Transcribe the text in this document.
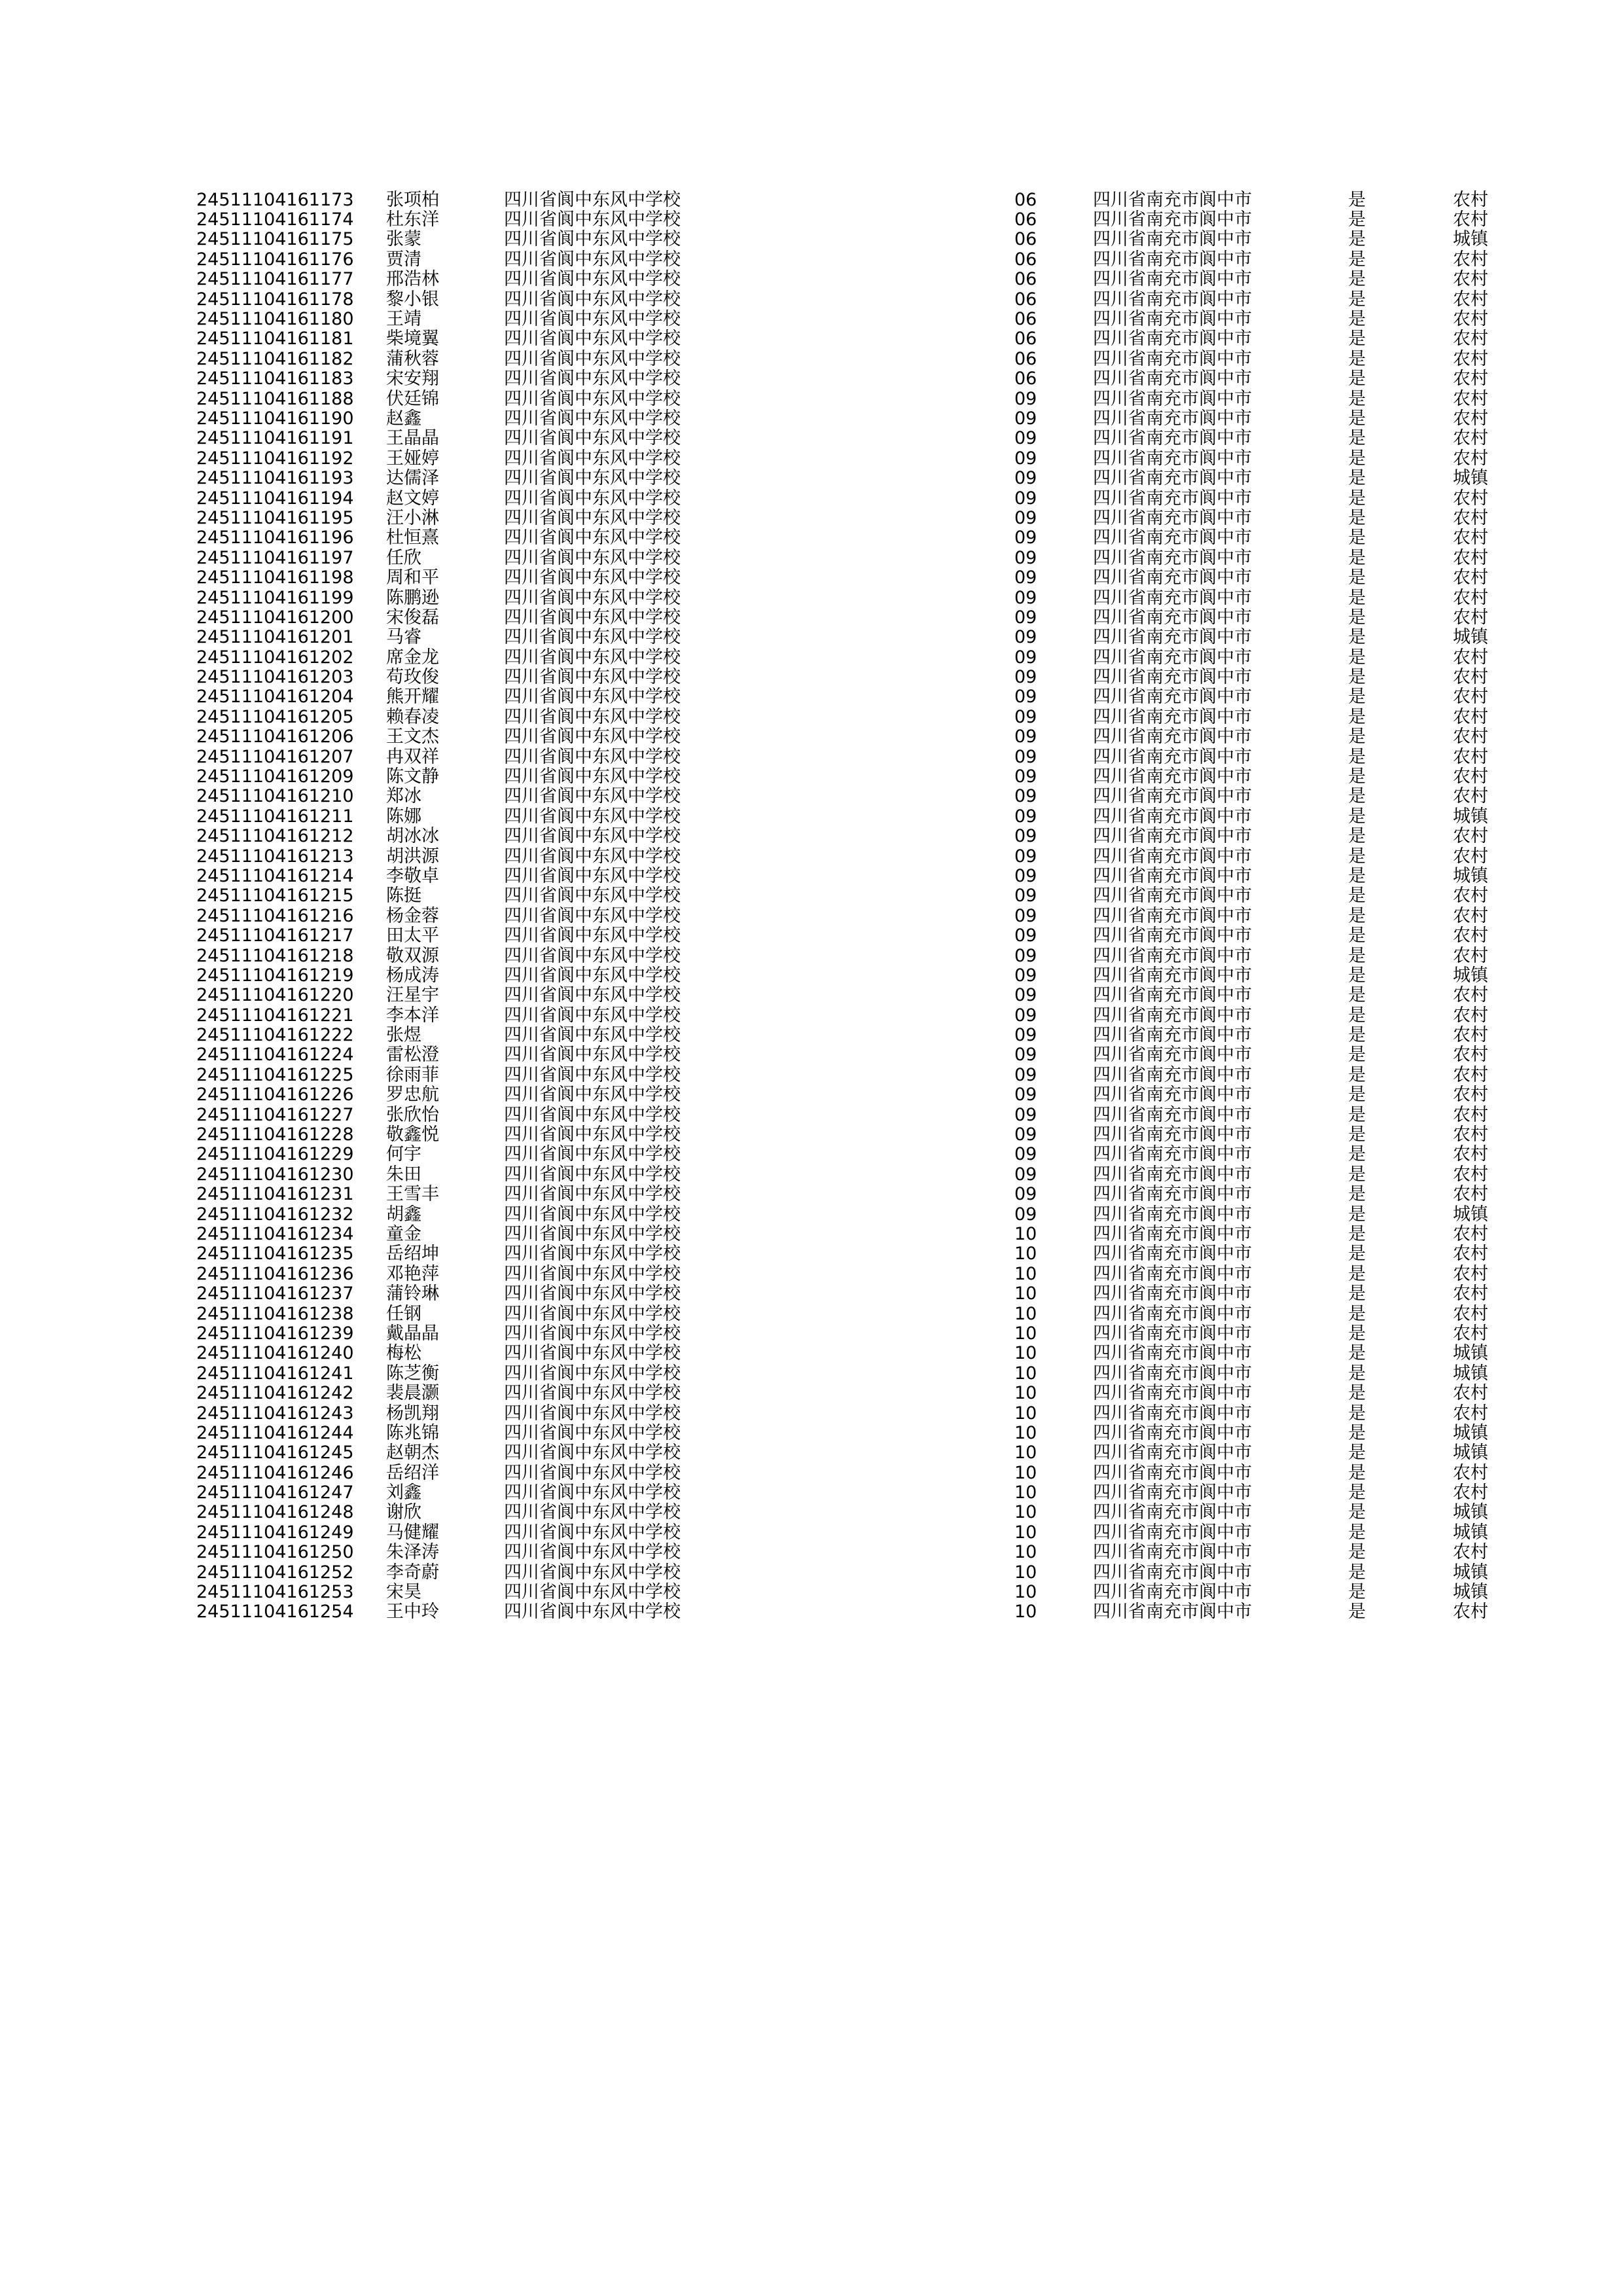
24511104161173	张项柏	四川省阆中东风中学校	06	四川省南充市阆中市	是	农村
24511104161174	杜东洋	四川省阆中东风中学校	06	四川省南充市阆中市	是	农村
24511104161175	张蒙	四川省阆中东风中学校	06	四川省南充市阆中市	是	城镇
24511104161176	贾清	四川省阆中东风中学校	06	四川省南充市阆中市	是	农村
24511104161177	邢浩林	四川省阆中东风中学校	06	四川省南充市阆中市	是	农村
24511104161178	黎小银	四川省阆中东风中学校	06	四川省南充市阆中市	是	农村
24511104161180	王靖	四川省阆中东风中学校	06	四川省南充市阆中市	是	农村
24511104161181	柴境翼	四川省阆中东风中学校	06	四川省南充市阆中市	是	农村
24511104161182	蒲秋蓉	四川省阆中东风中学校	06	四川省南充市阆中市	是	农村
24511104161183	宋安翔	四川省阆中东风中学校	06	四川省南充市阆中市	是	农村
24511104161188	伏廷锦	四川省阆中东风中学校	09	四川省南充市阆中市	是	农村
24511104161190	赵鑫	四川省阆中东风中学校	09	四川省南充市阆中市	是	农村
24511104161191	王晶晶	四川省阆中东风中学校	09	四川省南充市阆中市	是	农村
24511104161192	王娅婷	四川省阆中东风中学校	09	四川省南充市阆中市	是	农村
24511104161193	达儒泽	四川省阆中东风中学校	09	四川省南充市阆中市	是	城镇
24511104161194	赵文婷	四川省阆中东风中学校	09	四川省南充市阆中市	是	农村
24511104161195	汪小淋	四川省阆中东风中学校	09	四川省南充市阆中市	是	农村
24511104161196	杜恒熹	四川省阆中东风中学校	09	四川省南充市阆中市	是	农村
24511104161197	任欣	四川省阆中东风中学校	09	四川省南充市阆中市	是	农村
24511104161198	周和平	四川省阆中东风中学校	09	四川省南充市阆中市	是	农村
24511104161199	陈鹏逊	四川省阆中东风中学校	09	四川省南充市阆中市	是	农村
24511104161200	宋俊磊	四川省阆中东风中学校	09	四川省南充市阆中市	是	农村
24511104161201	马睿	四川省阆中东风中学校	09	四川省南充市阆中市	是	城镇
24511104161202	席金龙	四川省阆中东风中学校	09	四川省南充市阆中市	是	农村
24511104161203	苟玫俊	四川省阆中东风中学校	09	四川省南充市阆中市	是	农村
24511104161204	熊开耀	四川省阆中东风中学校	09	四川省南充市阆中市	是	农村
24511104161205	赖春凌	四川省阆中东风中学校	09	四川省南充市阆中市	是	农村
24511104161206	王文杰	四川省阆中东风中学校	09	四川省南充市阆中市	是	农村
24511104161207	冉双祥	四川省阆中东风中学校	09	四川省南充市阆中市	是	农村
24511104161209	陈文静	四川省阆中东风中学校	09	四川省南充市阆中市	是	农村
24511104161210	郑冰	四川省阆中东风中学校	09	四川省南充市阆中市	是	农村
24511104161211	陈娜	四川省阆中东风中学校	09	四川省南充市阆中市	是	城镇
24511104161212	胡冰冰	四川省阆中东风中学校	09	四川省南充市阆中市	是	农村
24511104161213	胡洪源	四川省阆中东风中学校	09	四川省南充市阆中市	是	农村
24511104161214	李敬卓	四川省阆中东风中学校	09	四川省南充市阆中市	是	城镇
24511104161215	陈挺	四川省阆中东风中学校	09	四川省南充市阆中市	是	农村
24511104161216	杨金蓉	四川省阆中东风中学校	09	四川省南充市阆中市	是	农村
24511104161217	田太平	四川省阆中东风中学校	09	四川省南充市阆中市	是	农村
24511104161218	敬双源	四川省阆中东风中学校	09	四川省南充市阆中市	是	农村
24511104161219	杨成涛	四川省阆中东风中学校	09	四川省南充市阆中市	是	城镇
24511104161220	汪星宇	四川省阆中东风中学校	09	四川省南充市阆中市	是	农村
24511104161221	李本洋	四川省阆中东风中学校	09	四川省南充市阆中市	是	农村
24511104161222	张煜	四川省阆中东风中学校	09	四川省南充市阆中市	是	农村
24511104161224	雷松澄	四川省阆中东风中学校	09	四川省南充市阆中市	是	农村
24511104161225	徐雨菲	四川省阆中东风中学校	09	四川省南充市阆中市	是	农村
24511104161226	罗忠航	四川省阆中东风中学校	09	四川省南充市阆中市	是	农村
24511104161227	张欣怡	四川省阆中东风中学校	09	四川省南充市阆中市	是	农村
24511104161228	敬鑫悦	四川省阆中东风中学校	09	四川省南充市阆中市	是	农村
24511104161229	何宇	四川省阆中东风中学校	09	四川省南充市阆中市	是	农村
24511104161230	朱田	四川省阆中东风中学校	09	四川省南充市阆中市	是	农村
24511104161231	王雪丰	四川省阆中东风中学校	09	四川省南充市阆中市	是	农村
24511104161232	胡鑫	四川省阆中东风中学校	09	四川省南充市阆中市	是	城镇
24511104161234	童金	四川省阆中东风中学校	10	四川省南充市阆中市	是	农村
24511104161235	岳绍坤	四川省阆中东风中学校	10	四川省南充市阆中市	是	农村
24511104161236	邓艳萍	四川省阆中东风中学校	10	四川省南充市阆中市	是	农村
24511104161237	蒲铃琳	四川省阆中东风中学校	10	四川省南充市阆中市	是	农村
24511104161238	任钢	四川省阆中东风中学校	10	四川省南充市阆中市	是	农村
24511104161239	戴晶晶	四川省阆中东风中学校	10	四川省南充市阆中市	是	农村
24511104161240	梅松	四川省阆中东风中学校	10	四川省南充市阆中市	是	城镇
24511104161241	陈芝衡	四川省阆中东风中学校	10	四川省南充市阆中市	是	城镇
24511104161242	裴晨灏	四川省阆中东风中学校	10	四川省南充市阆中市	是	农村
24511104161243	杨凯翔	四川省阆中东风中学校	10	四川省南充市阆中市	是	农村
24511104161244	陈兆锦	四川省阆中东风中学校	10	四川省南充市阆中市	是	城镇
24511104161245	赵朝杰	四川省阆中东风中学校	10	四川省南充市阆中市	是	城镇
24511104161246	岳绍洋	四川省阆中东风中学校	10	四川省南充市阆中市	是	农村
24511104161247	刘鑫	四川省阆中东风中学校	10	四川省南充市阆中市	是	农村
24511104161248	谢欣	四川省阆中东风中学校	10	四川省南充市阆中市	是	城镇
24511104161249	马健耀	四川省阆中东风中学校	10	四川省南充市阆中市	是	城镇
24511104161250	朱泽涛	四川省阆中东风中学校	10	四川省南充市阆中市	是	农村
24511104161252	李奇蔚	四川省阆中东风中学校	10	四川省南充市阆中市	是	城镇
24511104161253	宋昊	四川省阆中东风中学校	10	四川省南充市阆中市	是	城镇
24511104161254	王中玲	四川省阆中东风中学校	10	四川省南充市阆中市	是	农村
